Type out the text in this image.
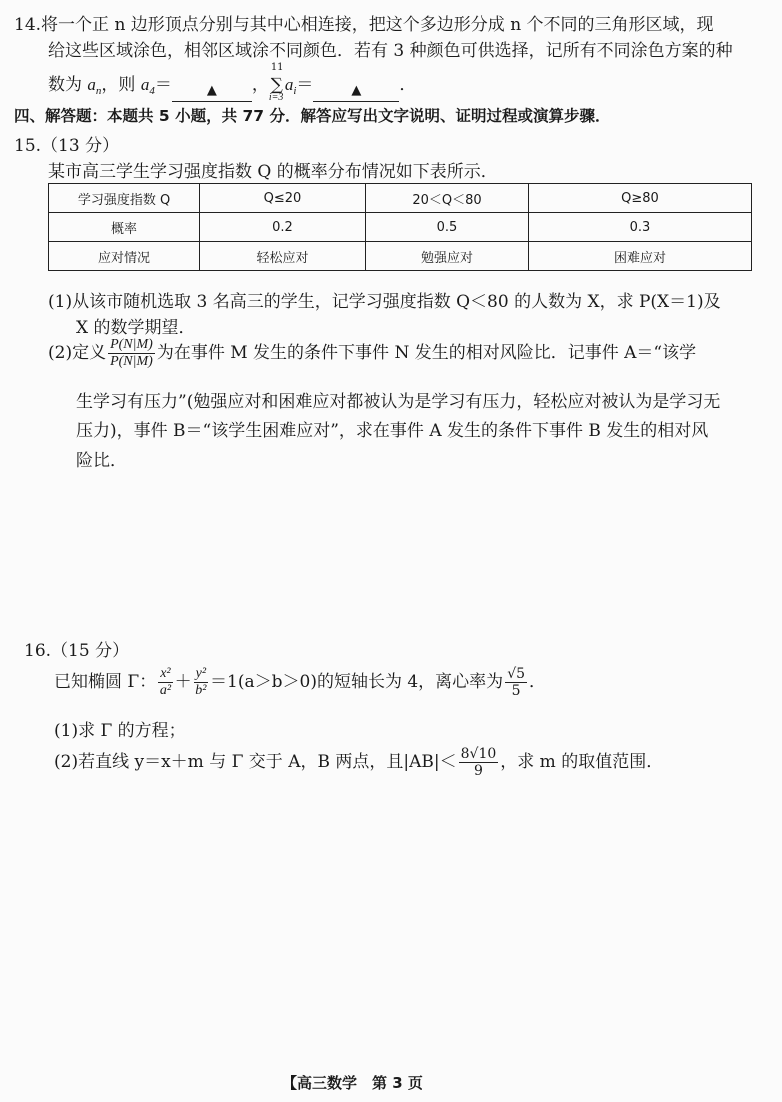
14.将一个正 n 边形顶点分别与其中心相连接，把这个多边形分成 n 个不同的三角形区域，现
给这些区域涂色，相邻区域涂不同颜色．若有 3 种颜色可供选择，记所有不同涂色方案的种
数为 $a_n$，则 $a_4=$	▲ ，
11
∑
i=3
$a_i=$	▲ ．
四、解答题：本题共 5 小题，共 77 分．解答应写出文字说明、证明过程或演算步骤．
15.（13 分）
某市高三学生学习强度指数 Q 的概率分布情况如下表所示．
学习强度指数 Q	Q≤20	20＜Q＜80	Q≥80
概率	0.2	0.5	0.3
应对情况	轻松应对	勉强应对	困难应对
(1)从该市随机选取 3 名高三的学生，记学习强度指数 Q＜80 的人数为 X，求 P(X＝1)及
X 的数学期望．
(2)定义 $\frac{P(N|M)}{P(\overline{N}|M)}$ 为在事件 M 发生的条件下事件 N 发生的相对风险比．记事件 A＝“该学
生学习有压力”(勉强应对和困难应对都被认为是学习有压力，轻松应对被认为是学习无
压力)，事件 B＝“该学生困难应对”，求在事件 A 发生的条件下事件 B 发生的相对风
险比．
16.（15 分）
已知椭圆 Γ： $\frac{\text{x²}}{\text{a²}} + \frac{\text{y²}}{\text{b²}} =1(a>b>0)$的短轴长为 4，离心率为 $\frac{√5}{5}$ ．
(1)求 Γ 的方程；
(2)若直线 y＝x＋m 与 Γ 交于 A，B 两点，且$|AB|< \frac{8√10}{9}$ ，求 m 的取值范围．
【高三数学　第 3 页
